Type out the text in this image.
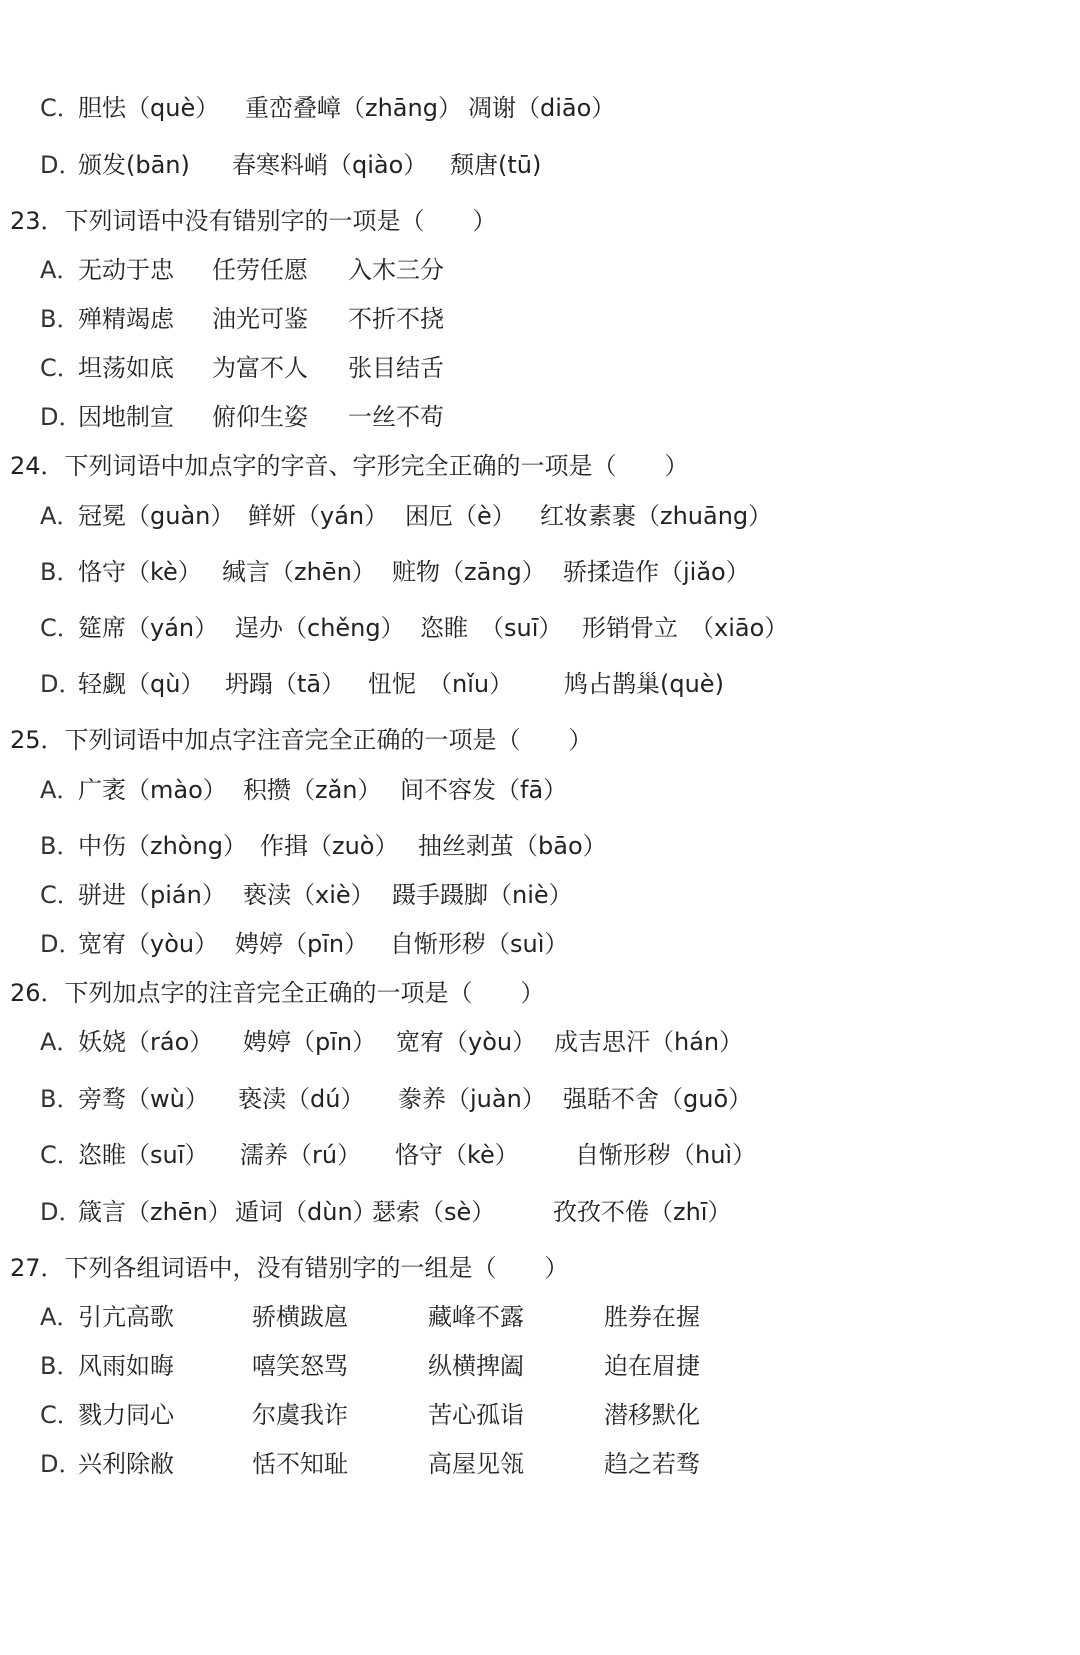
C．
胆怯（què） 重峦叠嶂（zhāng） 凋谢（diāo）
D．
颁发(bān) 春寒料峭（qiào） 颓唐(tū)
23．下列词语中没有错别字的一项是（　　）
A．
无动于忠 任劳任愿 入木三分
B．
殚精竭虑 油光可鉴 不折不挠
C．
坦荡如底 为富不人 张目结舌
D．
因地制宣 俯仰生姿 一丝不苟
24．下列词语中加点字的字音、字形完全正确的一项是（　　）
A．
冠冕（guàn） 鲜妍（yán） 困厄（è） 红妆素裹（zhuāng）
B．
恪守（kè） 缄言（zhēn） 赃物（zāng） 骄揉造作（jiǎo）
C．
筵席（yán） 逞办（chěng） 恣睢　（suī） 形销骨立　（xiāo）
D．
轻觑（qù） 坍蹋（tā） 忸怩　（nǐu） 鸠占鹊巢(què)
25．下列词语中加点字注音完全正确的一项是（　　）
A．
广袤（mào） 积攒（zǎn） 间不容发（fā）
B．
中伤（zhòng） 作揖（zuò） 抽丝剥茧（bāo）
C．
骈进（pián） 亵渎（xiè） 蹑手蹑脚（niè）
D．
宽宥（yòu） 娉婷（pīn） 自惭形秽（suì）
26．下列加点字的注音完全正确的一项是（　　）
A．
妖娆（ráo） 娉婷（pīn） 宽宥（yòu） 成吉思汗（hán）
B．
旁骛（wù） 亵渎（dú） 豢养（juàn） 强聒不舍（guō）
C．
恣睢（suī） 濡养（rú） 恪守（kè） 自惭形秽（huì）
D．
箴言（zhēn） 遁词（dùn）
瑟索（sè） 孜孜不倦（zhī）
27．下列各组词语中，没有错别字的一组是（　　）
A．
引亢高歌	骄横跋扈	藏峰不露	胜券在握
B．
风雨如晦	嘻笑怒骂	纵横捭阖	迫在眉捷
C．
戮力同心	尔虞我诈	苦心孤诣	潜移默化
D．
兴利除敝	恬不知耻	高屋见瓴	趋之若骛
